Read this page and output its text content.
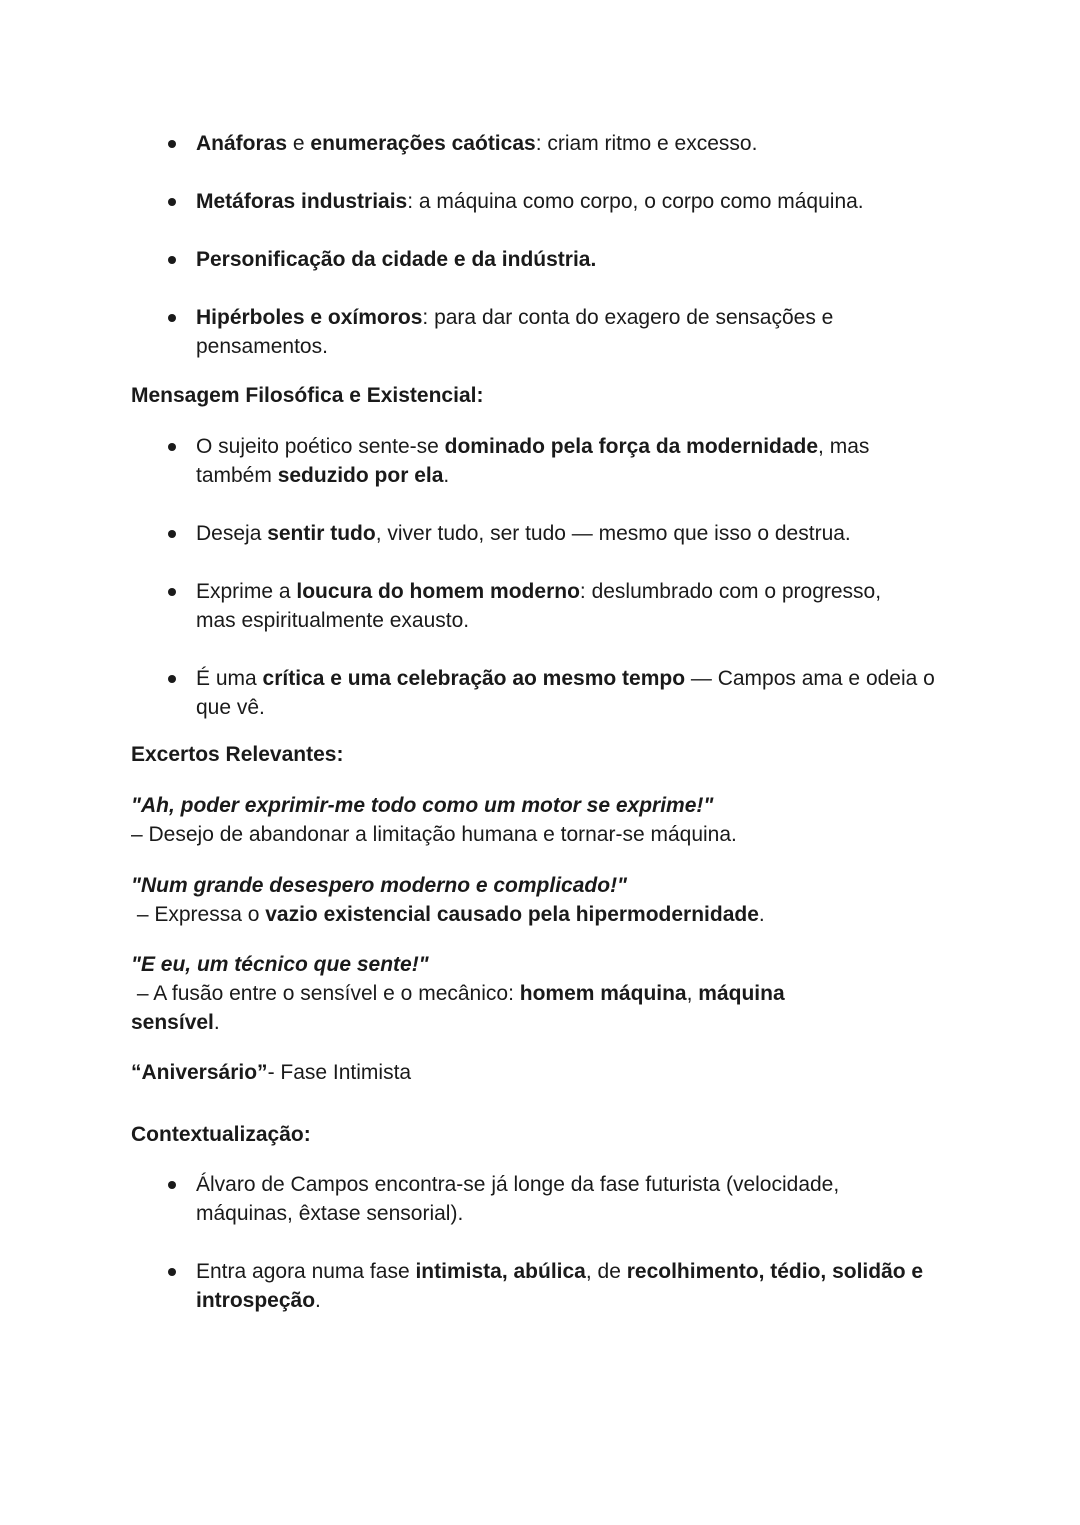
Anáforas e enumerações caóticas: criam ritmo e excesso.
Metáforas industriais: a máquina como corpo, o corpo como máquina.
Personificação da cidade e da indústria.
Hipérboles e oxímoros: para dar conta do exagero de sensações e pensamentos.
Mensagem Filosófica e Existencial:
O sujeito poético sente-se dominado pela força da modernidade, mas também seduzido por ela.
Deseja sentir tudo, viver tudo, ser tudo — mesmo que isso o destrua.
Exprime a loucura do homem moderno: deslumbrado com o progresso, mas espiritualmente exausto.
É uma crítica e uma celebração ao mesmo tempo — Campos ama e odeia o que vê.
Excertos Relevantes:
"Ah, poder exprimir-me todo como um motor se exprime!"
– Desejo de abandonar a limitação humana e tornar-se máquina.
"Num grande desespero moderno e complicado!"
– Expressa o vazio existencial causado pela hipermodernidade.
"E eu, um técnico que sente!"
– A fusão entre o sensível e o mecânico: homem máquina, máquina sensível.
“Aniversário”- Fase Intimista
Contextualização:
Álvaro de Campos encontra-se já longe da fase futurista (velocidade, máquinas, êxtase sensorial).
Entra agora numa fase intimista, abúlica, de recolhimento, tédio, solidão e introspeção.
